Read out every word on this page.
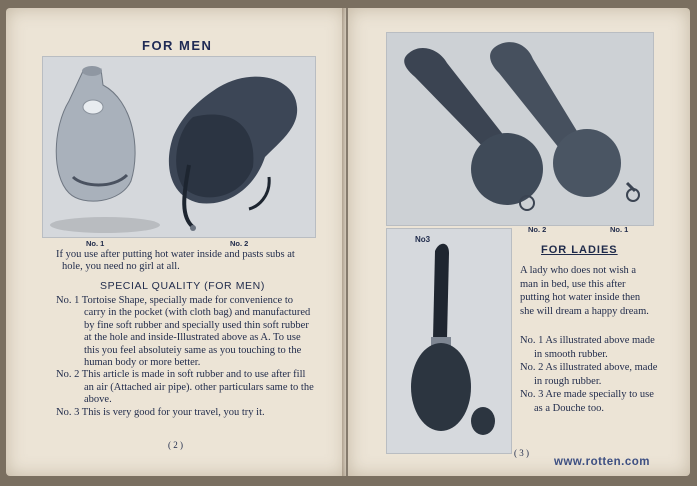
FOR MEN
No. 1	No. 2
If you use after putting hot water inside and pasts subs at hole, you need no girl at all.
SPECIAL QUALITY (FOR MEN)
No. 1 Tortoise Shape, specially made for convenience to carry in the pocket (with cloth bag) and manufactured by fine soft rubber and specially used thin soft rubber at the hole and inside-Illustrated above as A. To use this you feel absoluteiy same as you touching to the human body or more better.
No. 2 This article is made in soft rubber and to use after fill an air (Attached air pipe). other particulars same to the above.
No. 3 This is very good for your travel, you try it.
( 2 )
No. 2	No. 1
No3
FOR LADIES
A lady who does not wish a man in bed, use this after putting hot water inside then she will dream a happy dream.
No. 1 As illustrated above made in smooth rubber.
No. 2 As illustrated above, made in rough rubber.
No. 3 Are made specially to use as a Douche too.
( 3 )
www.rotten.com
